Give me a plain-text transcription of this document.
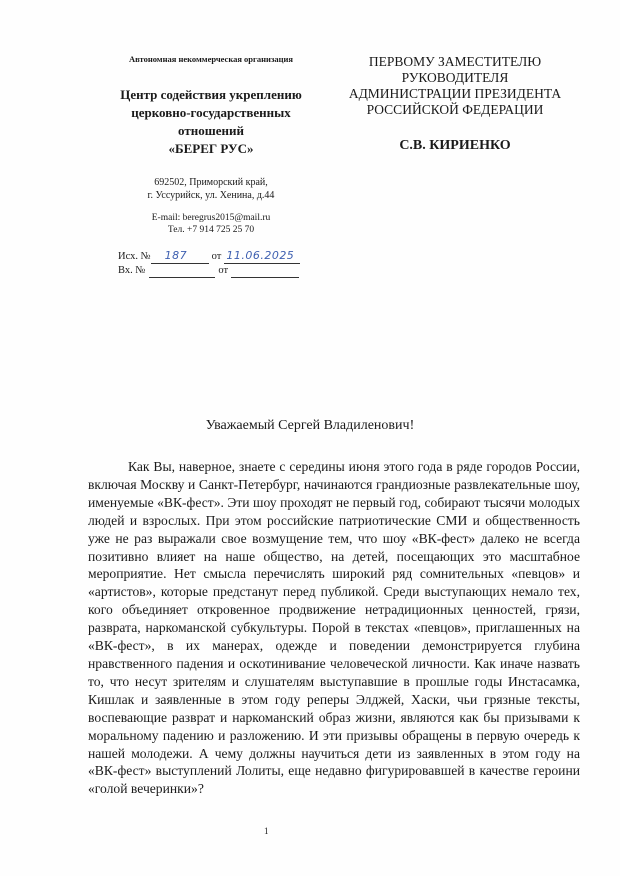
Автономная некоммерческая организация
Центр содействия укреплению
церковно-государственных
отношений
«БЕРЕГ РУС»
692502, Приморский край,
г. Уссурийск, ул. Хенина, д.44
E-mail: beregrus2015@mail.ru
Тел. +7 914 725 25 70
Исх. № 187 от 11.06.2025
Вх. №	от
ПЕРВОМУ ЗАМЕСТИТЕЛЮ
РУКОВОДИТЕЛЯ
АДМИНИСТРАЦИИ ПРЕЗИДЕНТА
РОССИЙСКОЙ ФЕДЕРАЦИИ
С.В. КИРИЕНКО
Уважаемый Сергей Владиленович!

Как Вы, наверное, знаете с середины июня этого года в ряде городов России, включая Москву и Санкт-Петербург, начинаются грандиозные развлекательные шоу, именуемые «ВК-фест». Эти шоу проходят не первый год, собирают тысячи молодых людей и взрослых. При этом российские патриотические СМИ и общественность уже не раз выражали свое возмущение тем, что шоу «ВК-фест» далеко не всегда позитивно влияет на наше общество, на детей, посещающих это масштабное мероприятие. Нет смысла перечислять широкий ряд сомнительных «певцов» и «артистов», которые предстанут перед публикой. Среди выступающих немало тех, кого объединяет откровенное продвижение нетрадиционных ценностей, грязи, разврата, наркоманской субкультуры. Порой в текстах «певцов», приглашенных на «ВК-фест», в их манерах, одежде и поведении демонстрируется глубина нравственного падения и оскотинивание человеческой личности. Как иначе назвать то, что несут зрителям и слушателям выступавшие в прошлые годы Инстасамка, Кишлак и заявленные в этом году реперы Элджей, Хаски, чьи грязные тексты, воспевающие разврат и наркоманский образ жизни, являются как бы призывами к моральному падению и разложению. И эти призывы обращены в первую очередь к нашей молодежи. А чему должны научиться дети из заявленных в этом году на «ВК-фест» выступлений Лолиты, еще недавно фигурировавшей в качестве героини «голой вечеринки»?

1
